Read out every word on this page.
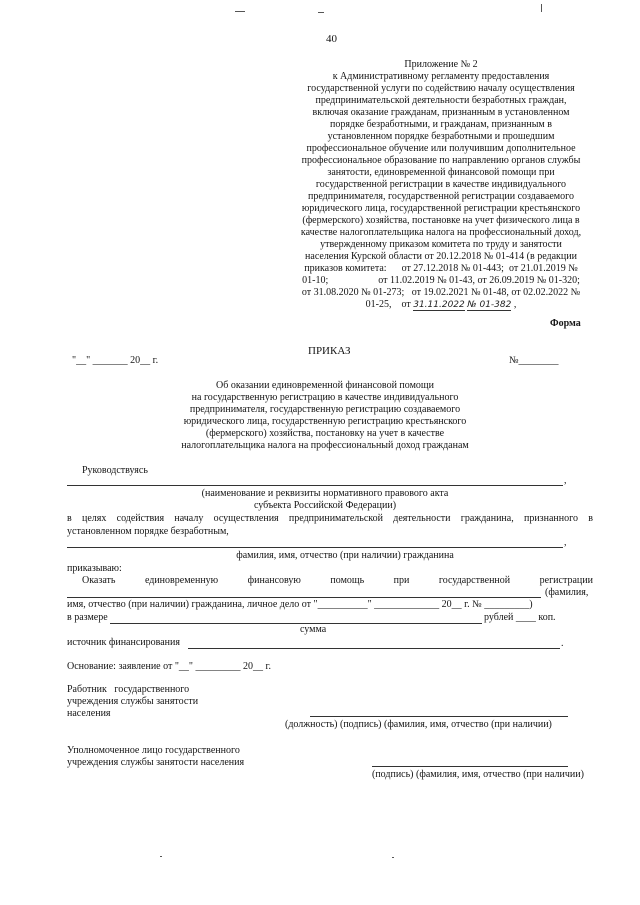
40
Приложение № 2
к Административному регламенту предоставления
государственной услуги по содействию началу осуществления
предпринимательской деятельности безработных граждан,
включая оказание гражданам, признанным в установленном
порядке безработными, и гражданам, признанным в
установленном порядке безработными и прошедшим
профессиональное обучение или получившим дополнительное
профессиональное образование по направлению органов службы
занятости, единовременной финансовой помощи при
государственной регистрации в качестве индивидуального
предпринимателя, государственной регистрации создаваемого
юридического лица, государственной регистрации крестьянского
(фермерского) хозяйства, постановке на учет физического лица в
качестве налогоплательщика налога на профессиональный доход,
утвержденному приказом комитета по труду и занятости
населения Курской области от 20.12.2018 № 01-414 (в редакции
приказов комитета:      от 27.12.2018 № 01-443;  от 21.01.2019 №
01-10;                    от 11.02.2019 № 01-43, от 26.09.2019 № 01-320;
от 31.08.2020 № 01-273;   от 19.02.2021 № 01-48, от 02.02.2022 №
01-25,    от 31.11.2022 № 01-382 ,
Форма
ПРИКАЗ
"__" _______ 20__ г.	№________
Об оказании единовременной финансовой помощи
на государственную регистрацию в качестве индивидуального
предпринимателя, государственную регистрацию создаваемого
юридического лица, государственную регистрацию крестьянского
(фермерского) хозяйства, постановку на учет в качестве
налогоплательщика налога на профессиональный доход гражданам
Руководствуясь
,
(наименование и реквизиты нормативного правового акта
субъекта Российской Федерации)
в целях содействия началу осуществления предпринимательской деятельности гражданина, признанного в
установленном порядке безработным,
,
фамилия, имя, отчество (при наличии) гражданина
приказываю:
Оказать	единовременную	финансовую	помощь	при	государственной	регистрации
(фамилия,
имя, отчество (при наличии) гражданина, личное дело от "__________" _____________ 20__ г. № _________)
в размере	рублей ____ коп.
сумма
источник финансирования	.
Основание: заявление от "__" _________ 20__ г.
Работник   государственного
учреждения службы занятости
населения
(должность) (подпись) (фамилия, имя, отчество (при наличии)
Уполномоченное лицо государственного
учреждения службы занятости населения
(подпись) (фамилия, имя, отчество (при наличии)
